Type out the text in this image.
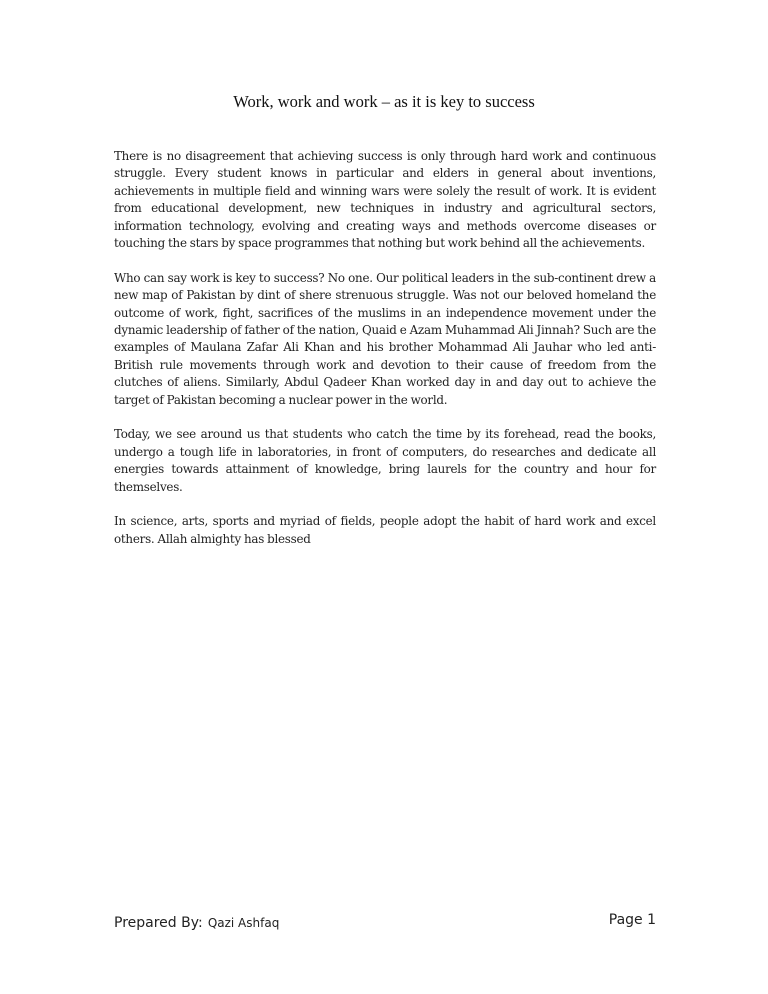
Work, work and work – as it is key to success

There is no disagreement that achieving success is only through hard work and continuous struggle. Every student knows in particular and elders in general about inventions, achievements in multiple field and winning wars were solely the result of work. It is evident from educational development, new techniques in industry and agricultural sectors, information technology, evolving and creating ways and methods overcome diseases or touching the stars by space programmes that nothing but work behind all the achievements.

Who can say work is key to success? No one. Our political leaders in the sub-continent drew a new map of Pakistan by dint of shere strenuous struggle. Was not our beloved homeland the outcome of work, fight, sacrifices of the muslims in an independence movement under the dynamic leadership of father of the nation, Quaid e Azam Muhammad Ali Jinnah? Such are the examples of Maulana Zafar Ali Khan and his brother Mohammad Ali Jauhar who led anti-British rule movements through work and devotion to their cause of freedom from the clutches of aliens. Similarly, Abdul Qadeer Khan worked day in and day out to achieve the target of Pakistan becoming a nuclear power in the world.

Today, we see around us that students who catch the time by its forehead, read the books, undergo a tough life in laboratories, in front of computers, do researches and dedicate all energies towards attainment of knowledge, bring laurels for the country and hour for themselves.

In science, arts, sports and myriad of fields, people adopt the habit of hard work and excel others. Allah almighty has blessed

Prepared By: Qazi Ashfaq	Page 1
